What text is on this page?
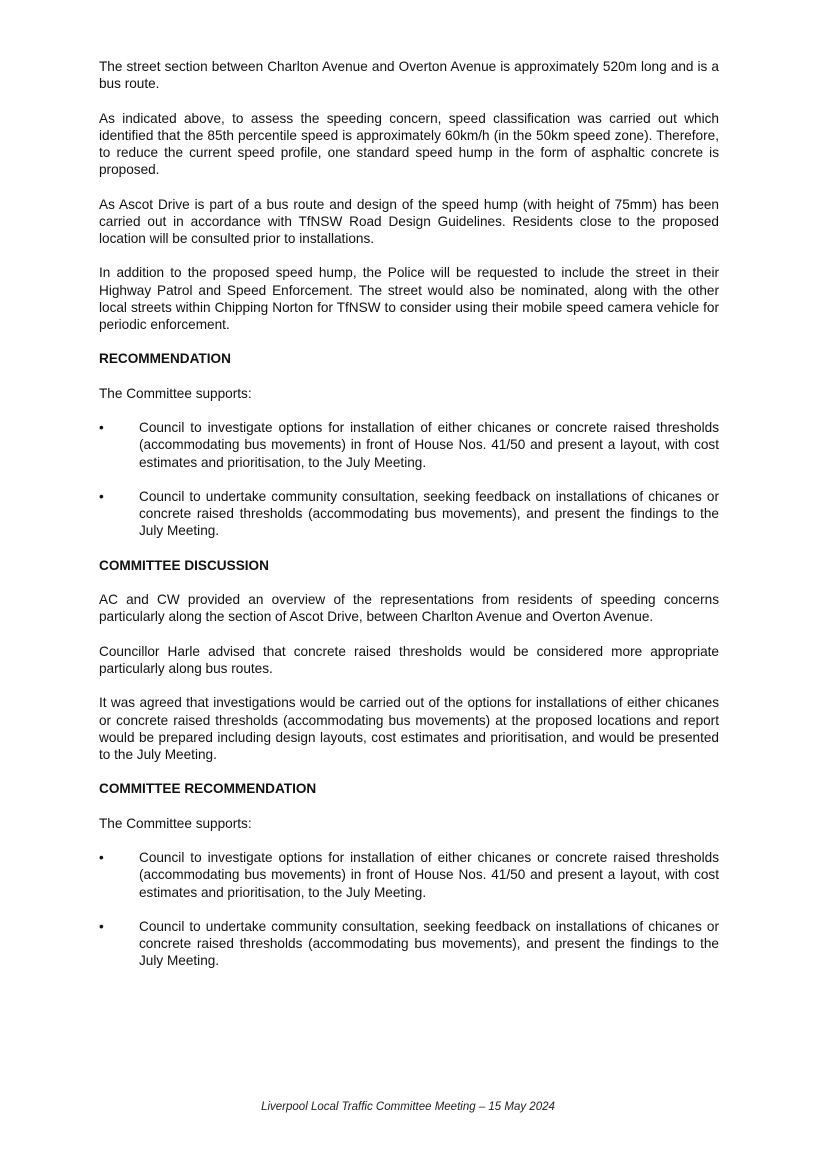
The street section between Charlton Avenue and Overton Avenue is approximately 520m long and is a bus route.

As indicated above, to assess the speeding concern, speed classification was carried out which identified that the 85th percentile speed is approximately 60km/h (in the 50km speed zone). Therefore, to reduce the current speed profile, one standard speed hump in the form of asphaltic concrete is proposed.

As Ascot Drive is part of a bus route and design of the speed hump (with height of 75mm) has been carried out in accordance with TfNSW Road Design Guidelines. Residents close to the proposed location will be consulted prior to installations.

In addition to the proposed speed hump, the Police will be requested to include the street in their Highway Patrol and Speed Enforcement. The street would also be nominated, along with the other local streets within Chipping Norton for TfNSW to consider using their mobile speed camera vehicle for periodic enforcement.

RECOMMENDATION

The Committee supports:

•	Council to investigate options for installation of either chicanes or concrete raised thresholds (accommodating bus movements) in front of House Nos. 41/50 and present a layout, with cost estimates and prioritisation, to the July Meeting.
•	Council to undertake community consultation, seeking feedback on installations of chicanes or concrete raised thresholds (accommodating bus movements), and present the findings to the July Meeting.
COMMITTEE DISCUSSION

AC and CW provided an overview of the representations from residents of speeding concerns particularly along the section of Ascot Drive, between Charlton Avenue and Overton Avenue.

Councillor Harle advised that concrete raised thresholds would be considered more appropriate particularly along bus routes.

It was agreed that investigations would be carried out of the options for installations of either chicanes or concrete raised thresholds (accommodating bus movements) at the proposed locations and report would be prepared including design layouts, cost estimates and prioritisation, and would be presented to the July Meeting.

COMMITTEE RECOMMENDATION

The Committee supports:

•	Council to investigate options for installation of either chicanes or concrete raised thresholds (accommodating bus movements) in front of House Nos. 41/50 and present a layout, with cost estimates and prioritisation, to the July Meeting.
•	Council to undertake community consultation, seeking feedback on installations of chicanes or concrete raised thresholds (accommodating bus movements), and present the findings to the July Meeting.
Liverpool Local Traffic Committee Meeting – 15 May 2024
